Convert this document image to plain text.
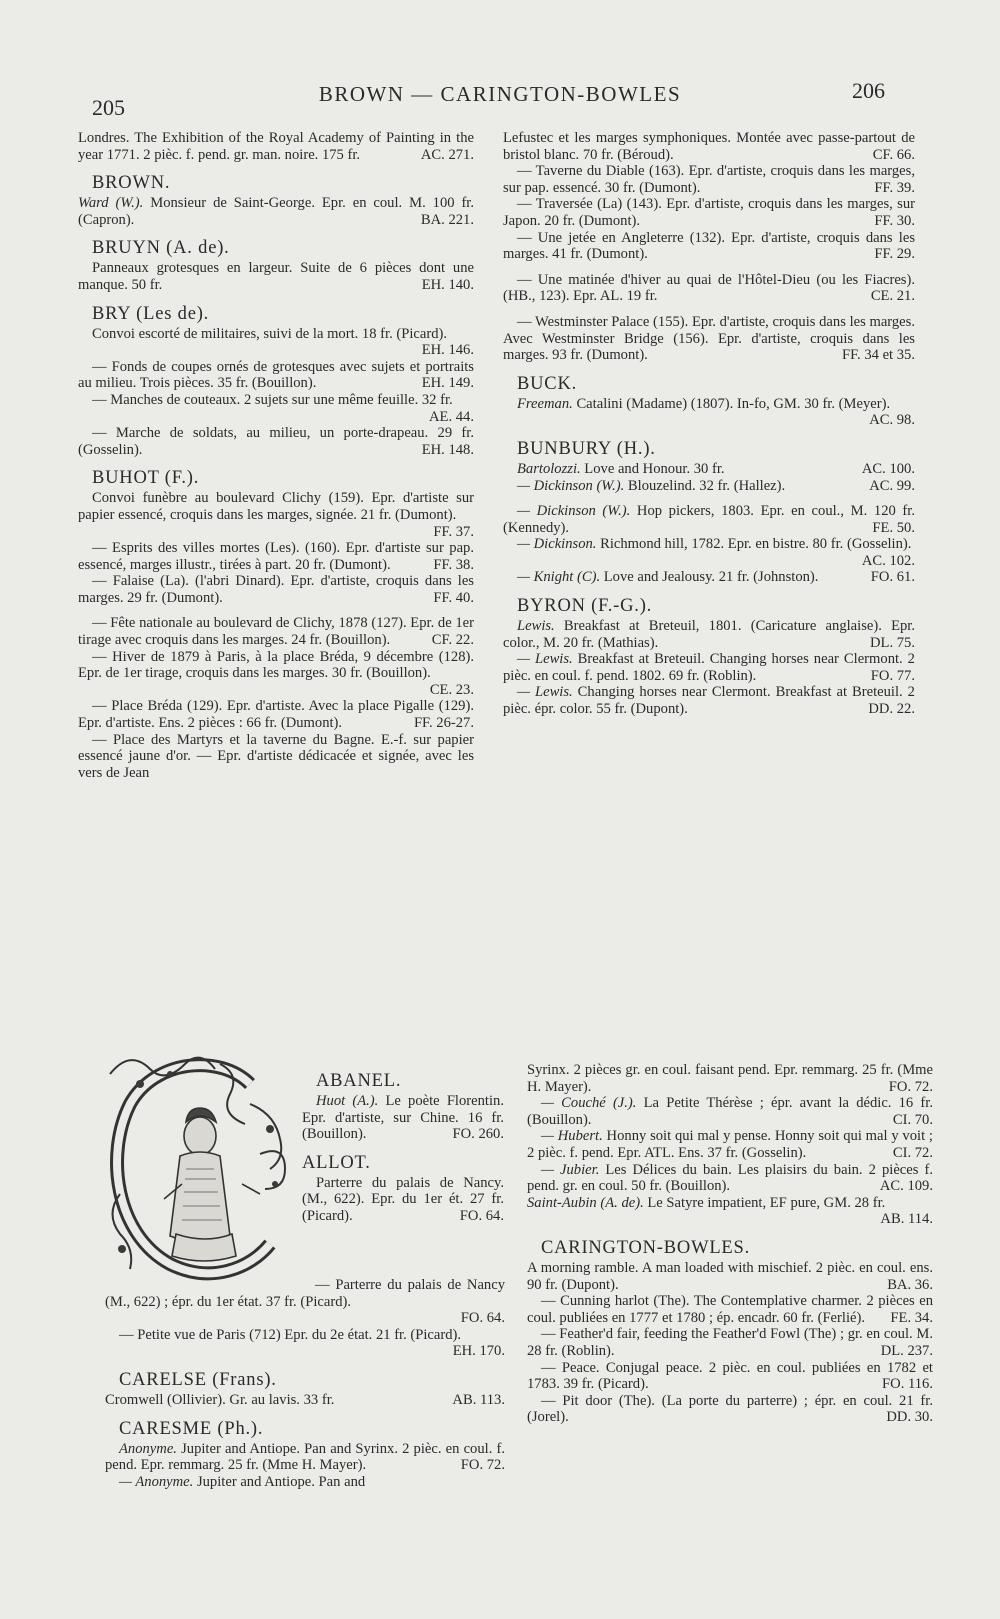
205
BROWN — CARINGTON-BOWLES	206

Londres. The Exhibition of the Royal Academy of Painting in the year 1771. 2 pièc. f. pend. gr. man. noire. 175 fr.	AC. 271.

BROWN.

Ward (W.). Monsieur de Saint-George. Epr. en coul. M. 100 fr. (Capron).	BA. 221.

BRUYN (A. de).

Panneaux grotesques en largeur. Suite de 6 pièces dont une manque. 50 fr.	EH. 140.

BRY (Les de).

Convoi escorté de militaires, suivi de la mort. 18 fr. (Picard).
EH. 146.

— Fonds de coupes ornés de grotesques avec sujets et portraits au milieu. Trois pièces. 35 fr. (Bouillon).	EH. 149.

— Manches de couteaux. 2 sujets sur une même feuille. 32 fr.
AE. 44.

— Marche de soldats, au milieu, un porte-drapeau. 29 fr. (Gosselin).	EH. 148.

BUHOT (F.).

Convoi funèbre au boulevard Clichy (159). Epr. d'artiste sur papier essencé, croquis dans les marges, signée. 21 fr. (Dumont).
FF. 37.

— Esprits des villes mortes (Les). (160). Epr. d'artiste sur pap. essencé, marges illustr., tirées à part. 20 fr. (Dumont).	FF. 38.

— Falaise (La). (l'abri Dinard). Epr. d'artiste, croquis dans les marges. 29 fr. (Dumont).	FF. 40.

— Fête nationale au boulevard de Clichy, 1878 (127). Epr. de 1er tirage avec croquis dans les marges. 24 fr. (Bouillon).	CF. 22.

— Hiver de 1879 à Paris, à la place Bréda, 9 décembre (128). Epr. de 1er tirage, croquis dans les marges. 30 fr. (Bouillon).
CE. 23.

— Place Bréda (129). Epr. d'artiste. Avec la place Pigalle (129). Epr. d'artiste. Ens. 2 pièces : 66 fr. (Dumont).	FF. 26-27.

— Place des Martyrs et la taverne du Bagne. E.-f. sur papier essencé jaune d'or. — Epr. d'artiste dédicacée et signée, avec les vers de Jean

Lefustec et les marges symphoniques. Montée avec passe-partout de bristol blanc. 70 fr. (Béroud).	CF. 66.

— Taverne du Diable (163). Epr. d'artiste, croquis dans les marges, sur pap. essencé. 30 fr. (Dumont).	FF. 39.

— Traversée (La) (143). Epr. d'artiste, croquis dans les marges, sur Japon. 20 fr. (Dumont).	FF. 30.

— Une jetée en Angleterre (132). Epr. d'artiste, croquis dans les marges. 41 fr. (Dumont).	FF. 29.

— Une matinée d'hiver au quai de l'Hôtel-Dieu (ou les Fiacres). (HB., 123). Epr. AL. 19 fr.	CE. 21.

— Westminster Palace (155). Epr. d'artiste, croquis dans les marges. Avec Westminster Bridge (156). Epr. d'artiste, croquis dans les marges. 93 fr. (Dumont).	FF. 34 et 35.

BUCK.

Freeman. Catalini (Madame) (1807). In-fo, GM. 30 fr. (Meyer).
AC. 98.

BUNBURY (H.).

Bartolozzi. Love and Honour. 30 fr.	AC. 100.

— Dickinson (W.). Blouzelind. 32 fr. (Hallez).	AC. 99.

— Dickinson (W.). Hop pickers, 1803. Epr. en coul., M. 120 fr. (Kennedy).	FE. 50.

— Dickinson. Richmond hill, 1782. Epr. en bistre. 80 fr. (Gosselin).
AC. 102.

— Knight (C). Love and Jealousy. 21 fr. (Johnston).	FO. 61.

BYRON (F.-G.).

Lewis. Breakfast at Breteuil, 1801. (Caricature anglaise). Epr. color., M. 20 fr. (Mathias).	DL. 75.

— Lewis. Breakfast at Breteuil. Changing horses near Clermont. 2 pièc. en coul. f. pend. 1802. 69 fr. (Roblin).	FO. 77.

— Lewis. Changing horses near Clermont. Breakfast at Breteuil. 2 pièc. épr. color. 55 fr. (Dupont).	DD. 22.

ABANEL.

Huot (A.). Le poète Florentin. Epr. d'artiste, sur Chine. 16 fr. (Bouillon).	FO. 260.

ALLOT.

Parterre du palais de Nancy. (M., 622). Epr. du 1er ét. 27 fr. (Picard).	FO. 64.

— Parterre du palais de Nancy (M., 622) ; épr. du 1er état. 37 fr. (Picard).
FO. 64.

— Petite vue de Paris (712) Epr. du 2e état. 21 fr. (Picard).
EH. 170.

CARELSE (Frans).

Cromwell (Ollivier). Gr. au lavis. 33 fr.	AB. 113.

CARESME (Ph.).

Anonyme. Jupiter and Antiope. Pan and Syrinx. 2 pièc. en coul. f. pend. Epr. remmarg. 25 fr. (Mme H. Mayer).	FO. 72.

— Anonyme. Jupiter and Antiope. Pan and

Syrinx. 2 pièces gr. en coul. faisant pend. Epr. remmarg. 25 fr. (Mme H. Mayer).	FO. 72.

— Couché (J.). La Petite Thérèse ; épr. avant la dédic. 16 fr. (Bouillon).	CI. 70.

— Hubert. Honny soit qui mal y pense. Honny soit qui mal y voit ; 2 pièc. f. pend. Epr. ATL. Ens. 37 fr. (Gosselin).	CI. 72.

— Jubier. Les Délices du bain. Les plaisirs du bain. 2 pièces f. pend. gr. en coul. 50 fr. (Bouillon).	AC. 109.

Saint-Aubin (A. de). Le Satyre impatient, EF pure, GM. 28 fr.
AB. 114.

CARINGTON-BOWLES.

A morning ramble. A man loaded with mischief. 2 pièc. en coul. ens. 90 fr. (Dupont).	BA. 36.

— Cunning harlot (The). The Contemplative charmer. 2 pièces en coul. publiées en 1777 et 1780 ; ép. encadr. 60 fr. (Ferlié).	FE. 34.

— Feather'd fair, feeding the Feather'd Fowl (The) ; gr. en coul. M. 28 fr. (Roblin).	DL. 237.

— Peace. Conjugal peace. 2 pièc. en coul. publiées en 1782 et 1783. 39 fr. (Picard).	FO. 116.

— Pit door (The). (La porte du parterre) ; épr. en coul. 21 fr. (Jorel).	DD. 30.
